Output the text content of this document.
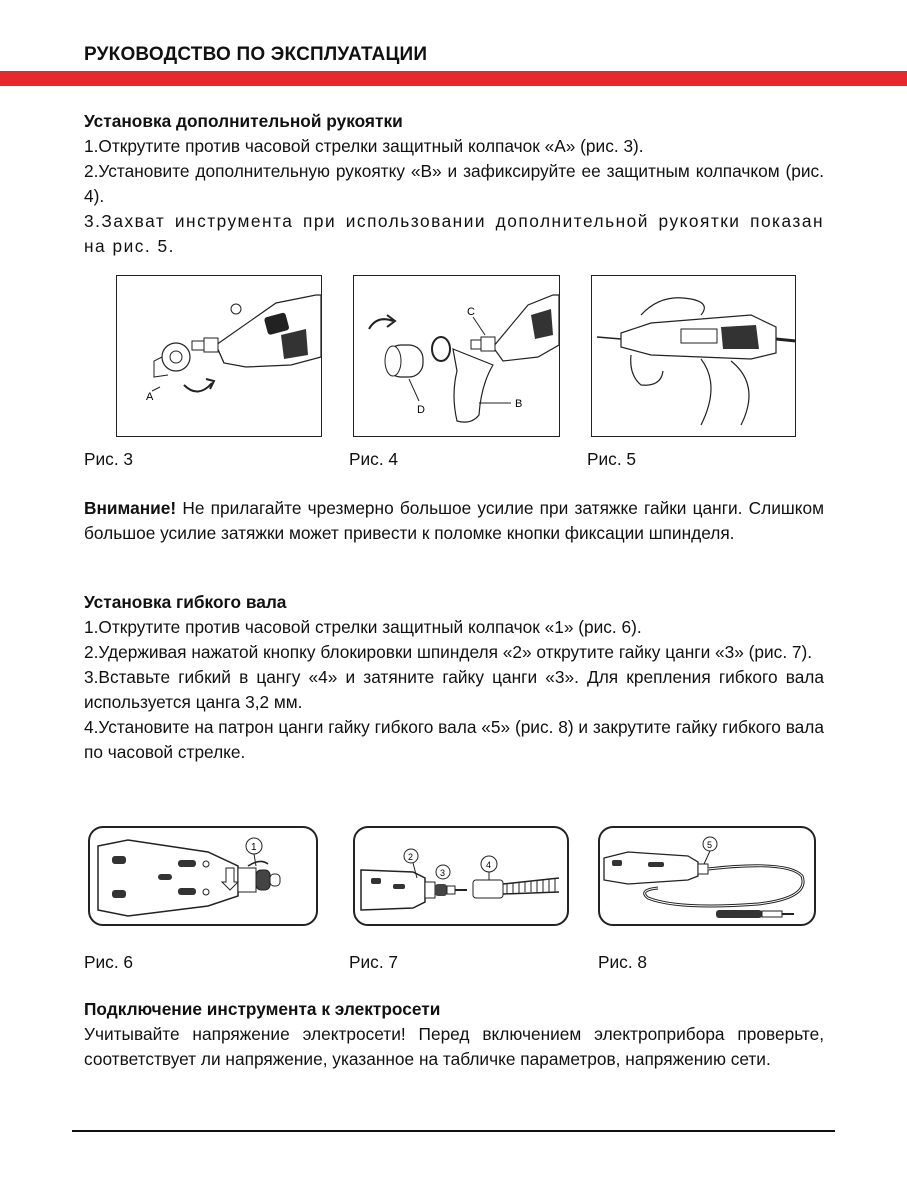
РУКОВОДСТВО ПО ЭКСПЛУАТАЦИИ
Установка дополнительной рукоятки

1.Открутите против часовой стрелки защитный колпачок «А» (рис. 3).

2.Установите дополнительную рукоятку «В» и зафиксируйте ее защитным колпачком (рис. 4).

3.Захват инструмента при использовании дополнительной рукоятки показан на рис. 5.

A
Рис. 3
C
D	B
Рис. 4	Рис. 5

Внимание! Не прилагайте чрезмерно большое усилие при затяжке гайки цанги. Слишком большое усилие затяжки может привести к поломке кнопки фиксации шпинделя.

Установка гибкого вала

1.Открутите против часовой стрелки защитный колпачок «1» (рис. 6).

2.Удерживая нажатой кнопку блокировки шпинделя «2» открутите гайку цанги «3» (рис. 7).

3.Вставьте гибкий в цангу «4» и затяните гайку цанги «3». Для крепления гибкого вала используется цанга 3,2 мм.

4.Установите на патрон цанги гайку гибкого вала «5» (рис. 8) и закрутите гайку гибкого вала по часовой стрелке.

1
Рис. 6
2
3
4
Рис. 7
5
Рис. 8
Подключение инструмента к электросети

Учитывайте напряжение электросети! Перед включением электроприбора проверьте, соответствует ли напряжение, указанное на табличке параметров, напряжению сети.
